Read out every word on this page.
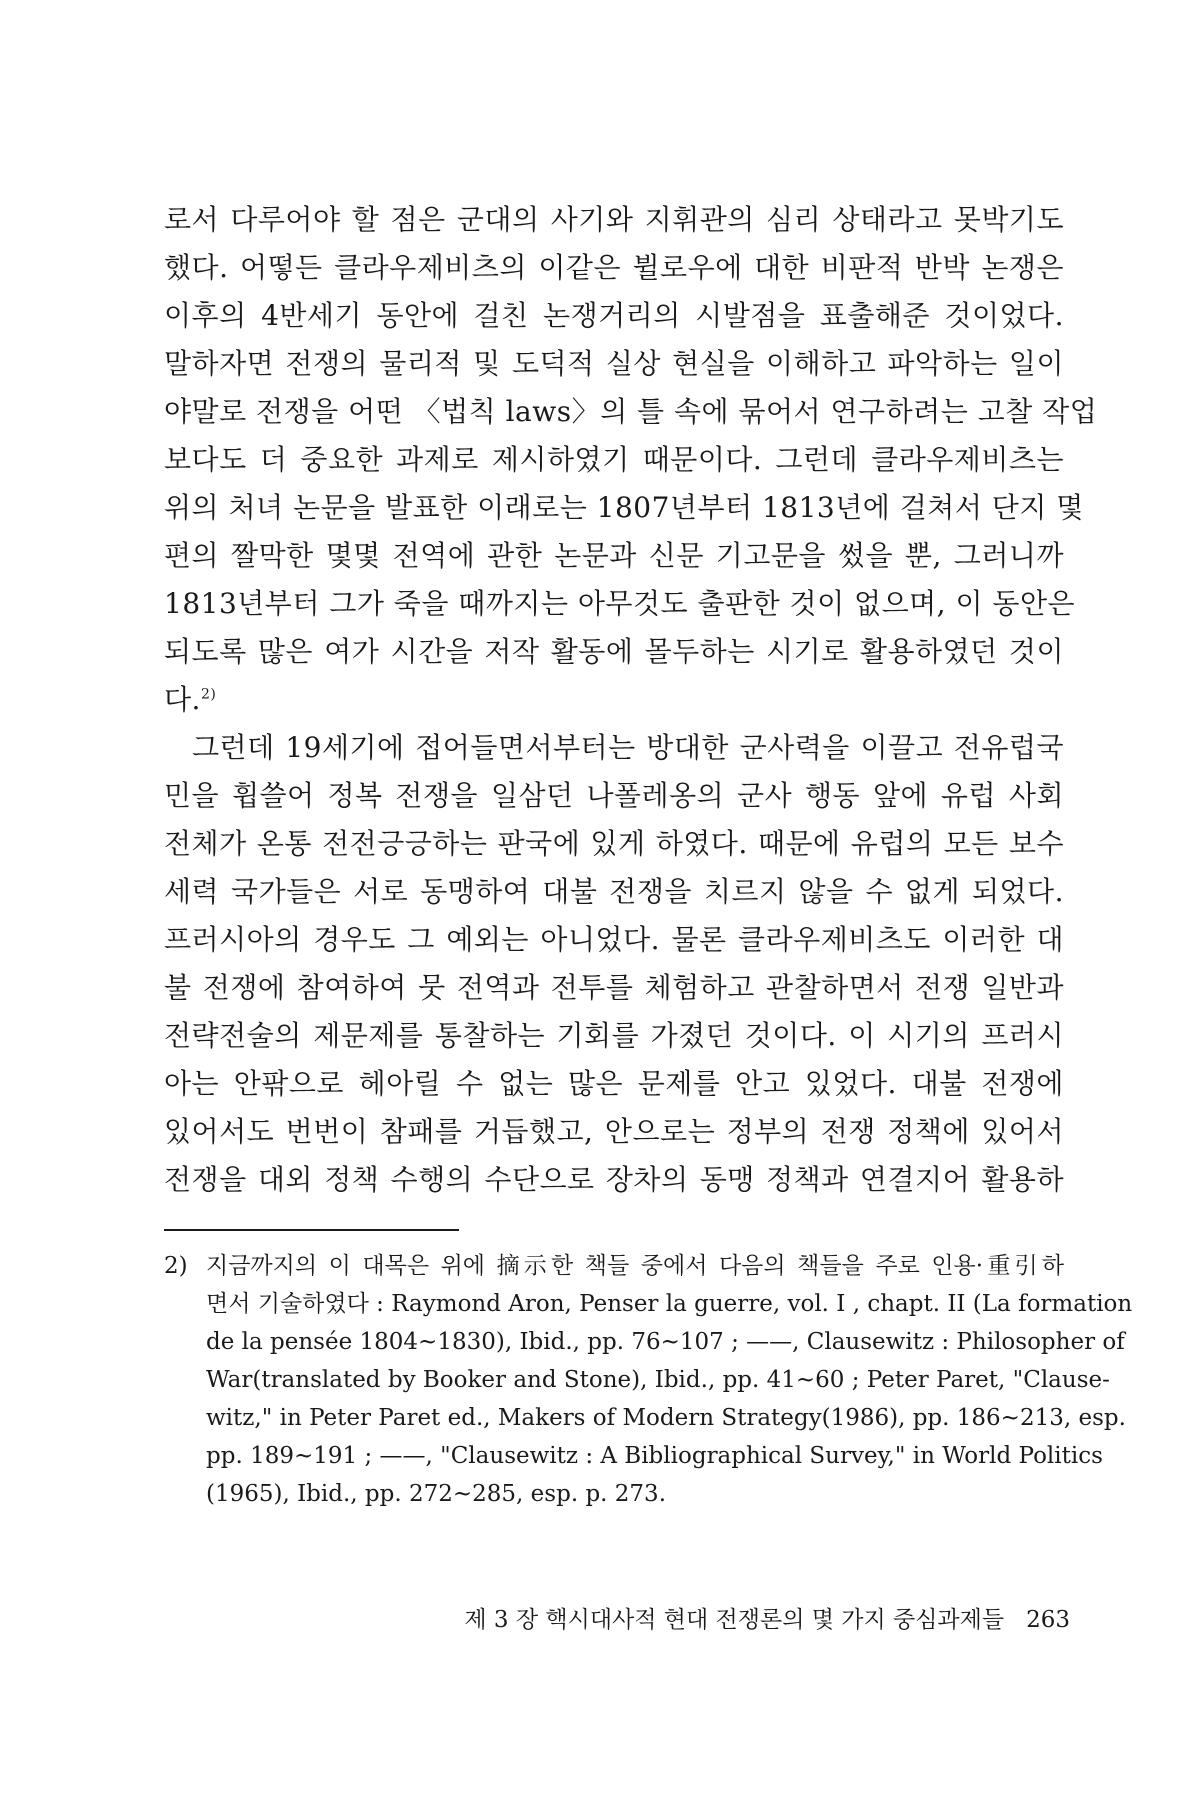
로서 다루어야 할 점은 군대의 사기와 지휘관의 심리 상태라고 못박기도
했다. 어떻든 클라우제비츠의 이같은 뷜로우에 대한 비판적 반박 논쟁은
이후의 4반세기 동안에 걸친 논쟁거리의 시발점을 표출해준 것이었다.
말하자면 전쟁의 물리적 및 도덕적 실상 현실을 이해하고 파악하는 일이
야말로 전쟁을 어떤 〈법칙 laws〉의 틀 속에 묶어서 연구하려는 고찰 작업
보다도 더 중요한 과제로 제시하였기 때문이다. 그런데 클라우제비츠는
위의 처녀 논문을 발표한 이래로는 1807년부터 1813년에 걸쳐서 단지 몇
편의 짤막한 몇몇 전역에 관한 논문과 신문 기고문을 썼을 뿐, 그러니까
1813년부터 그가 죽을 때까지는 아무것도 출판한 것이 없으며, 이 동안은
되도록 많은 여가 시간을 저작 활동에 몰두하는 시기로 활용하였던 것이
다.$^{2)}$
그런데 19세기에 접어들면서부터는 방대한 군사력을 이끌고 전유럽국
민을 휩쓸어 정복 전쟁을 일삼던 나폴레옹의 군사 행동 앞에 유럽 사회
전체가 온통 전전긍긍하는 판국에 있게 하였다. 때문에 유럽의 모든 보수
세력 국가들은 서로 동맹하여 대불 전쟁을 치르지 않을 수 없게 되었다.
프러시아의 경우도 그 예외는 아니었다. 물론 클라우제비츠도 이러한 대
불 전쟁에 참여하여 뭇 전역과 전투를 체험하고 관찰하면서 전쟁 일반과
전략전술의 제문제를 통찰하는 기회를 가졌던 것이다. 이 시기의 프러시
아는 안팎으로 헤아릴 수 없는 많은 문제를 안고 있었다. 대불 전쟁에
있어서도 번번이 참패를 거듭했고, 안으로는 정부의 전쟁 정책에 있어서
전쟁을 대외 정책 수행의 수단으로 장차의 동맹 정책과 연결지어 활용하
2) 지금까지의 이 대목은 위에 摘示한 책들 중에서 다음의 책들을 주로 인용·重引하
면서 기술하였다 : Raymond Aron, Penser la guerre, vol. I , chapt. II (La formation
de la pensée 1804~1830), Ibid., pp. 76~107 ; ——, Clausewitz : Philosopher of
War(translated by Booker and Stone), Ibid., pp. 41~60 ; Peter Paret, "Clause-
witz," in Peter Paret ed., Makers of Modern Strategy(1986), pp. 186~213, esp.
pp. 189~191 ; ——, "Clausewitz : A Bibliographical Survey," in World Politics
(1965), Ibid., pp. 272~285, esp. p. 273.
제 3 장 핵시대사적 현대 전쟁론의 몇 가지 중심과제들 263
